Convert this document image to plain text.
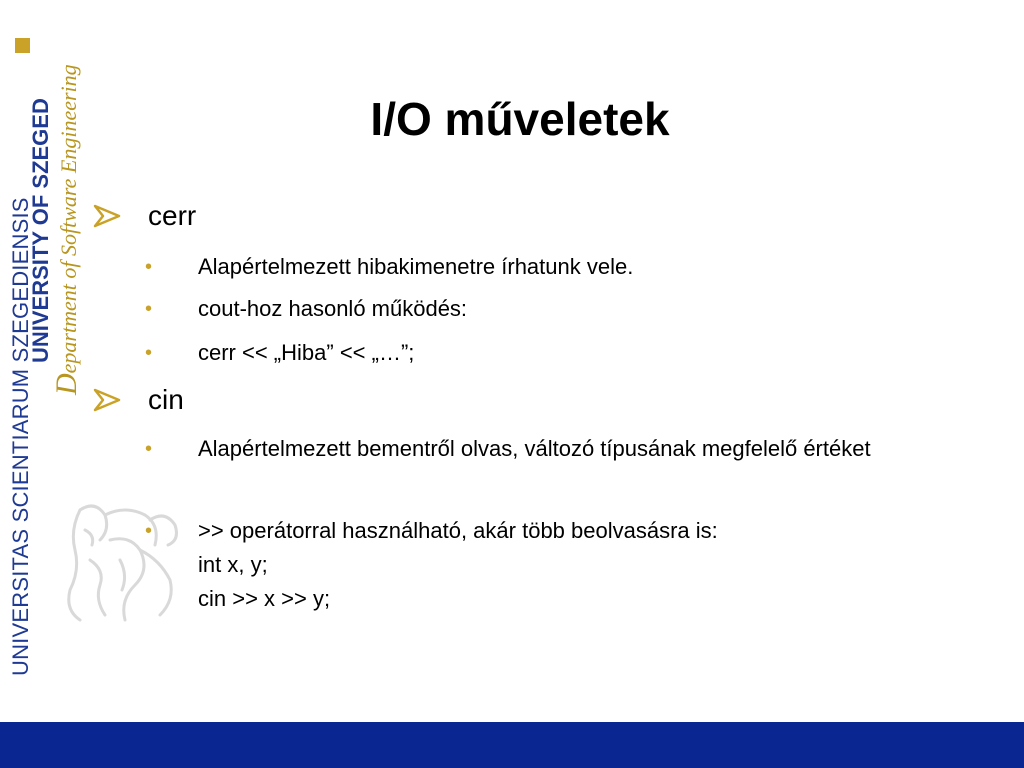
UNIVERSITAS SCIENTIARUM SZEGEDIENSIS
UNIVERSITY OF SZEGED
Department of Software Engineering	I/O műveletek
cerr
•	Alapértelmezett hibakimenetre írhatunk vele.
•	cout-hoz hasonló működés:
•	cerr << „Hiba” << „…”;
cin
•	Alapértelmezett bementről olvas, változó típusának megfelelő értéket
•	>> operátorral használható, akár több beolvasásra is:
int x, y;
cin >> x >> y;
